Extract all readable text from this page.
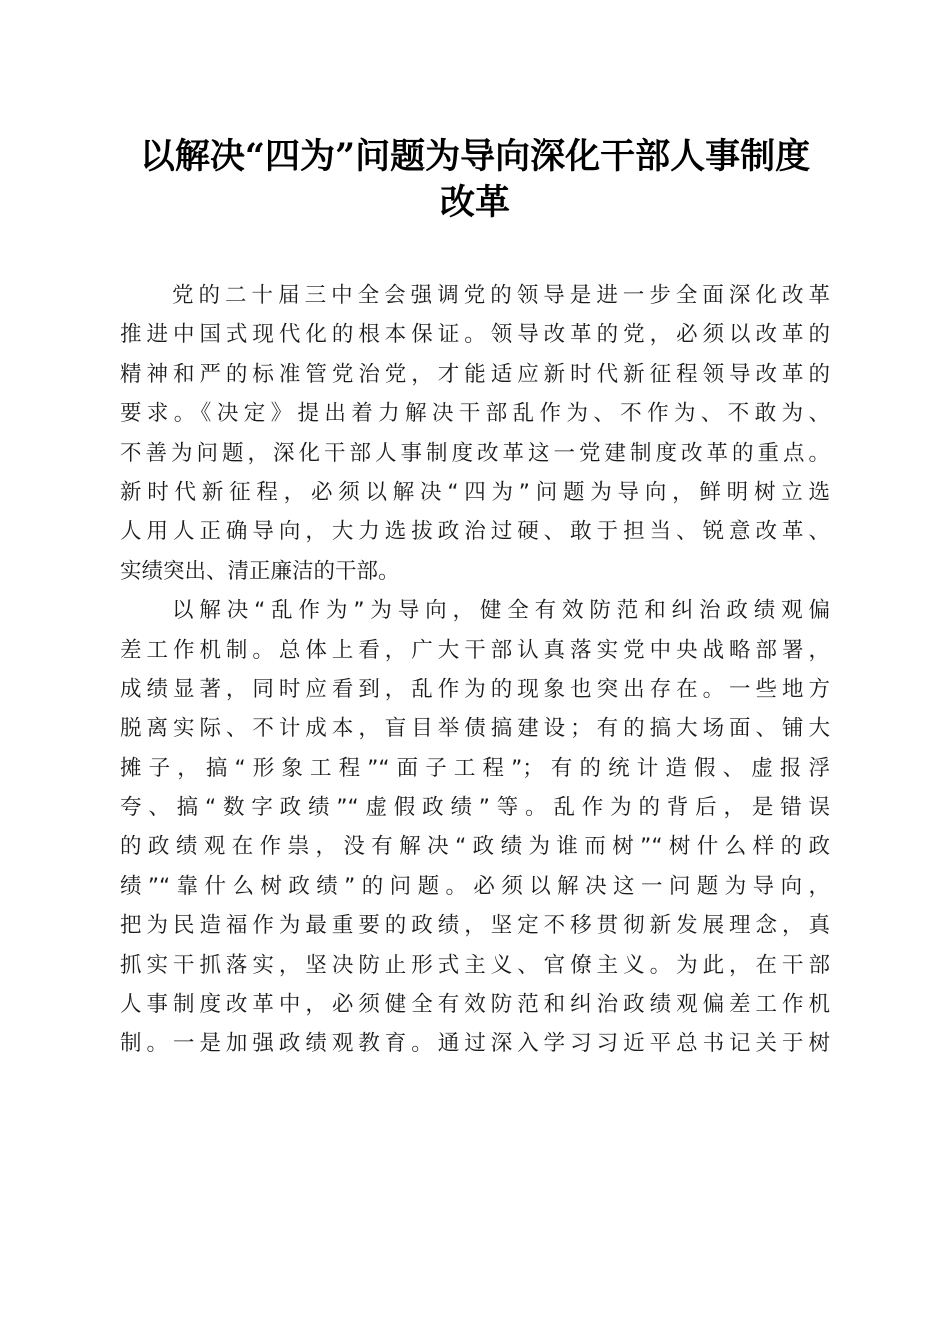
以解决“四为”问题为导向深化干部人事制度
改革
党的二十届三中全会强调党的领导是进一步全面深化改革
推进中国式现代化的根本保证。领导改革的党，必须以改革的
精神和严的标准管党治党，才能适应新时代新征程领导改革的
要求。《决定》提出着力解决干部乱作为、不作为、不敢为、
不善为问题，深化干部人事制度改革这一党建制度改革的重点。
新时代新征程，必须以解决“四为”问题为导向，鲜明树立选
人用人正确导向，大力选拔政治过硬、敢于担当、锐意改革、
实绩突出、清正廉洁的干部。
以解决“乱作为”为导向，健全有效防范和纠治政绩观偏
差工作机制。总体上看，广大干部认真落实党中央战略部署，
成绩显著，同时应看到，乱作为的现象也突出存在。一些地方
脱离实际、不计成本，盲目举债搞建设；有的搞大场面、铺大
摊子，搞“形象工程”“面子工程”；有的统计造假、虚报浮
夸、搞“数字政绩”“虚假政绩”等。乱作为的背后，是错误
的政绩观在作祟，没有解决“政绩为谁而树”“树什么样的政
绩”“靠什么树政绩”的问题。必须以解决这一问题为导向，
把为民造福作为最重要的政绩，坚定不移贯彻新发展理念，真
抓实干抓落实，坚决防止形式主义、官僚主义。为此，在干部
人事制度改革中，必须健全有效防范和纠治政绩观偏差工作机
制。一是加强政绩观教育。通过深入学习习近平总书记关于树
